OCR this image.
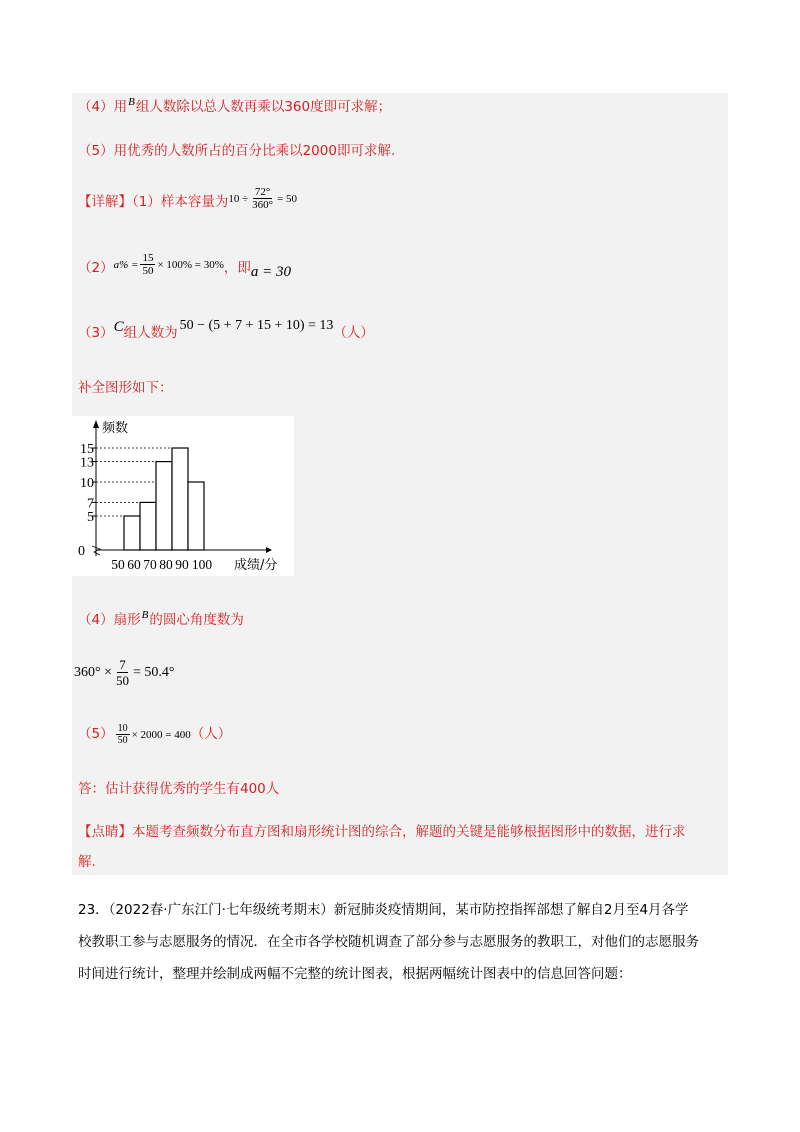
（4）用$^B$组人数除以总人数再乘以360度即可求解；
（5）用优秀的人数所占的百分比乘以2000即可求解.
【详解】（1）样本容量为$^{10 \div} \frac{72^\circ}{360^\circ} ^{= 50}$
$(2)^{a\% =} \frac{15}{50} ^{\times 100\% = 30\%}$，即a = 30
（3）C组人数为 50 − (5 + 7 + 15 + 10) = 13（人）
补全图形如下：
频数
0
5
7
10
13
15
50 60 70 80 90 100 成绩/分
（4）扇形$^B$的圆心角度数为
$360^\circ \times \frac{7}{50} = 50.4^\circ$
$(5) \frac{10}{50} \times 2000 = 400$（人）
答：估计获得优秀的学生有400人
【点睛】本题考查频数分布直方图和扇形统计图的综合，解题的关键是能够根据图形中的数据，进行求
解.
23．（2022春·广东江门·七年级统考期末）新冠肺炎疫情期间，某市防控指挥部想了解自2月至4月各学
校教职工参与志愿服务的情况．在全市各学校随机调查了部分参与志愿服务的教职工，对他们的志愿服务
时间进行统计，整理并绘制成两幅不完整的统计图表，根据两幅统计图表中的信息回答问题：
